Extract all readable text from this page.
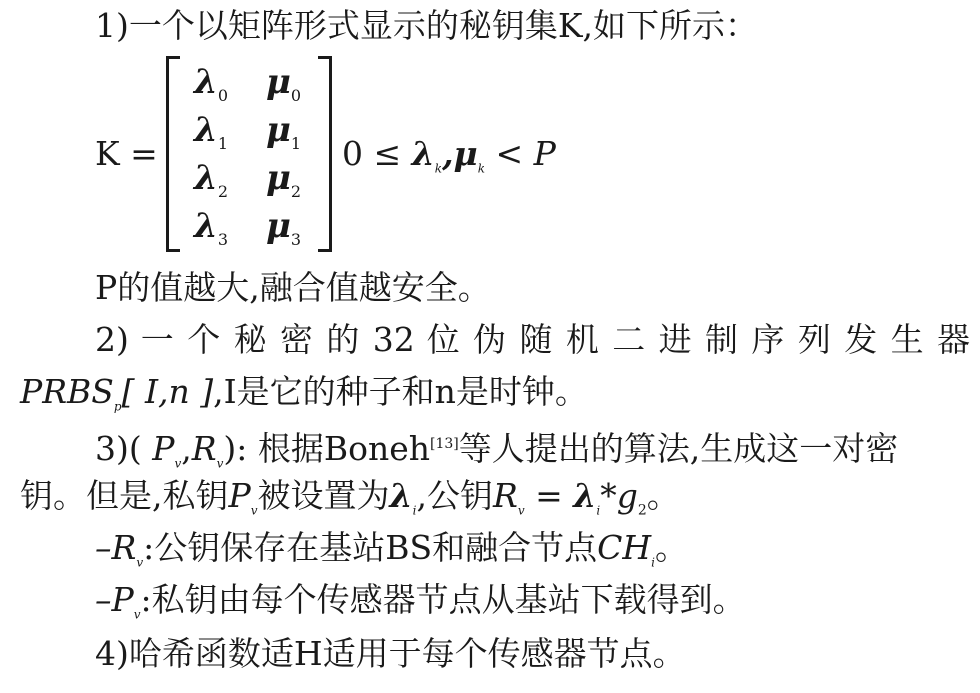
1)一个以矩阵形式显示的秘钥集K,如下所示：
K =
$\lambda_0$ $\mu_0$
$\lambda_1$ $\mu_1$
$\lambda_2$ $\mu_2$
$\lambda_3$ $\mu_3$
$0 \le \lambda_k,\mu_k < P$
P的值越大,融合值越安全。
2) 一 个 秘 密 的 32 位 伪 随 机 二 进 制 序 列 发 生 器
$PRBS_p$[ I,n ],I是它的种子和n是时钟。
3)( $P_v,R_v$): 根据Boneh[13]等人提出的算法,生成这一对密
钥。但是,私钥$P_v$被设置为$\lambda_i$,公钥$R_v = \lambda_i*g_2$。
$-R_v$:公钥保存在基站BS和融合节点$CH_i$。
$-P_v$:私钥由每个传感器节点从基站下载得到。
4)哈希函数适H适用于每个传感器节点。
